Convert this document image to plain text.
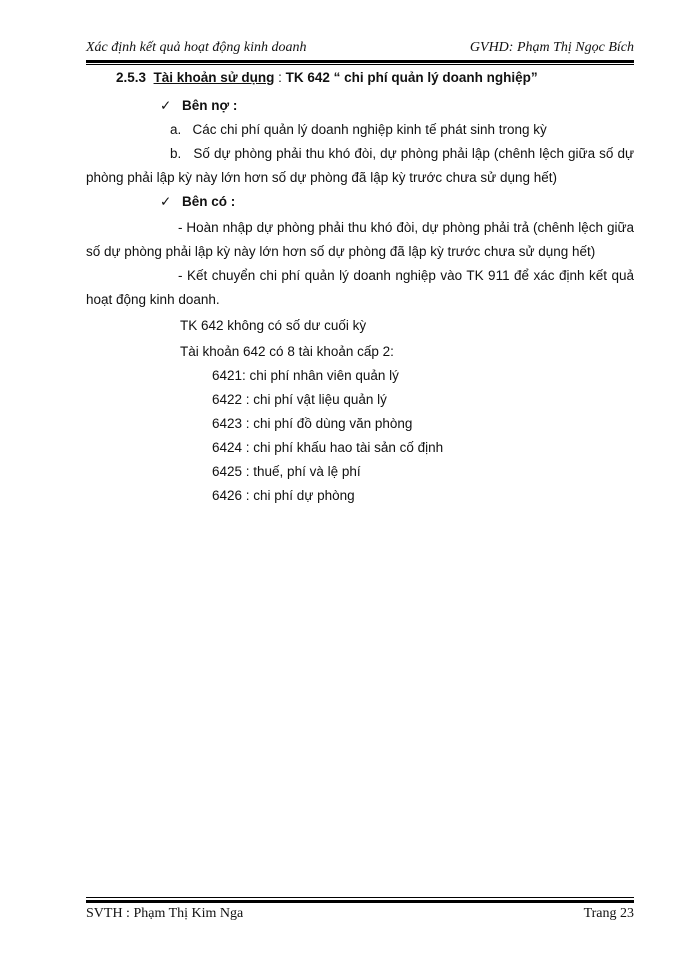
Xác định kết quả hoạt động kinh doanh	GVHD: Phạm Thị Ngọc Bích
2.5.3 Tài khoản sử dụng : TK 642 “ chi phí quản lý doanh nghiệp”
✓ Bên nợ :
a. Các chi phí quản lý doanh nghiệp kinh tế phát sinh trong kỳ
b. Số dự phòng phải thu khó đòi, dự phòng phải lập (chênh lệch giữa số dự
phòng phải lập kỳ này lớn hơn số dự phòng đã lập kỳ trước chưa sử dụng hết)
✓ Bên có :
- Hoàn nhập dự phòng phải thu khó đòi, dự phòng phải trả (chênh lệch giữa
số dự phòng phải lập kỳ này lớn hơn số dự phòng đã lập kỳ trước chưa sử dụng hết)
- Kết chuyển chi phí quản lý doanh nghiệp vào TK 911 để xác định kết quả
hoạt động kinh doanh.
TK 642 không có số dư cuối kỳ
Tài khoản 642 có 8 tài khoản cấp 2:
6421: chi phí nhân viên quản lý
6422 : chi phí vật liệu quản lý
6423 : chi phí đồ dùng văn phòng
6424 : chi phí khấu hao tài sản cố định
6425 : thuế, phí và lệ phí
6426 : chi phí dự phòng
SVTH : Phạm Thị Kim Nga	Trang 23
